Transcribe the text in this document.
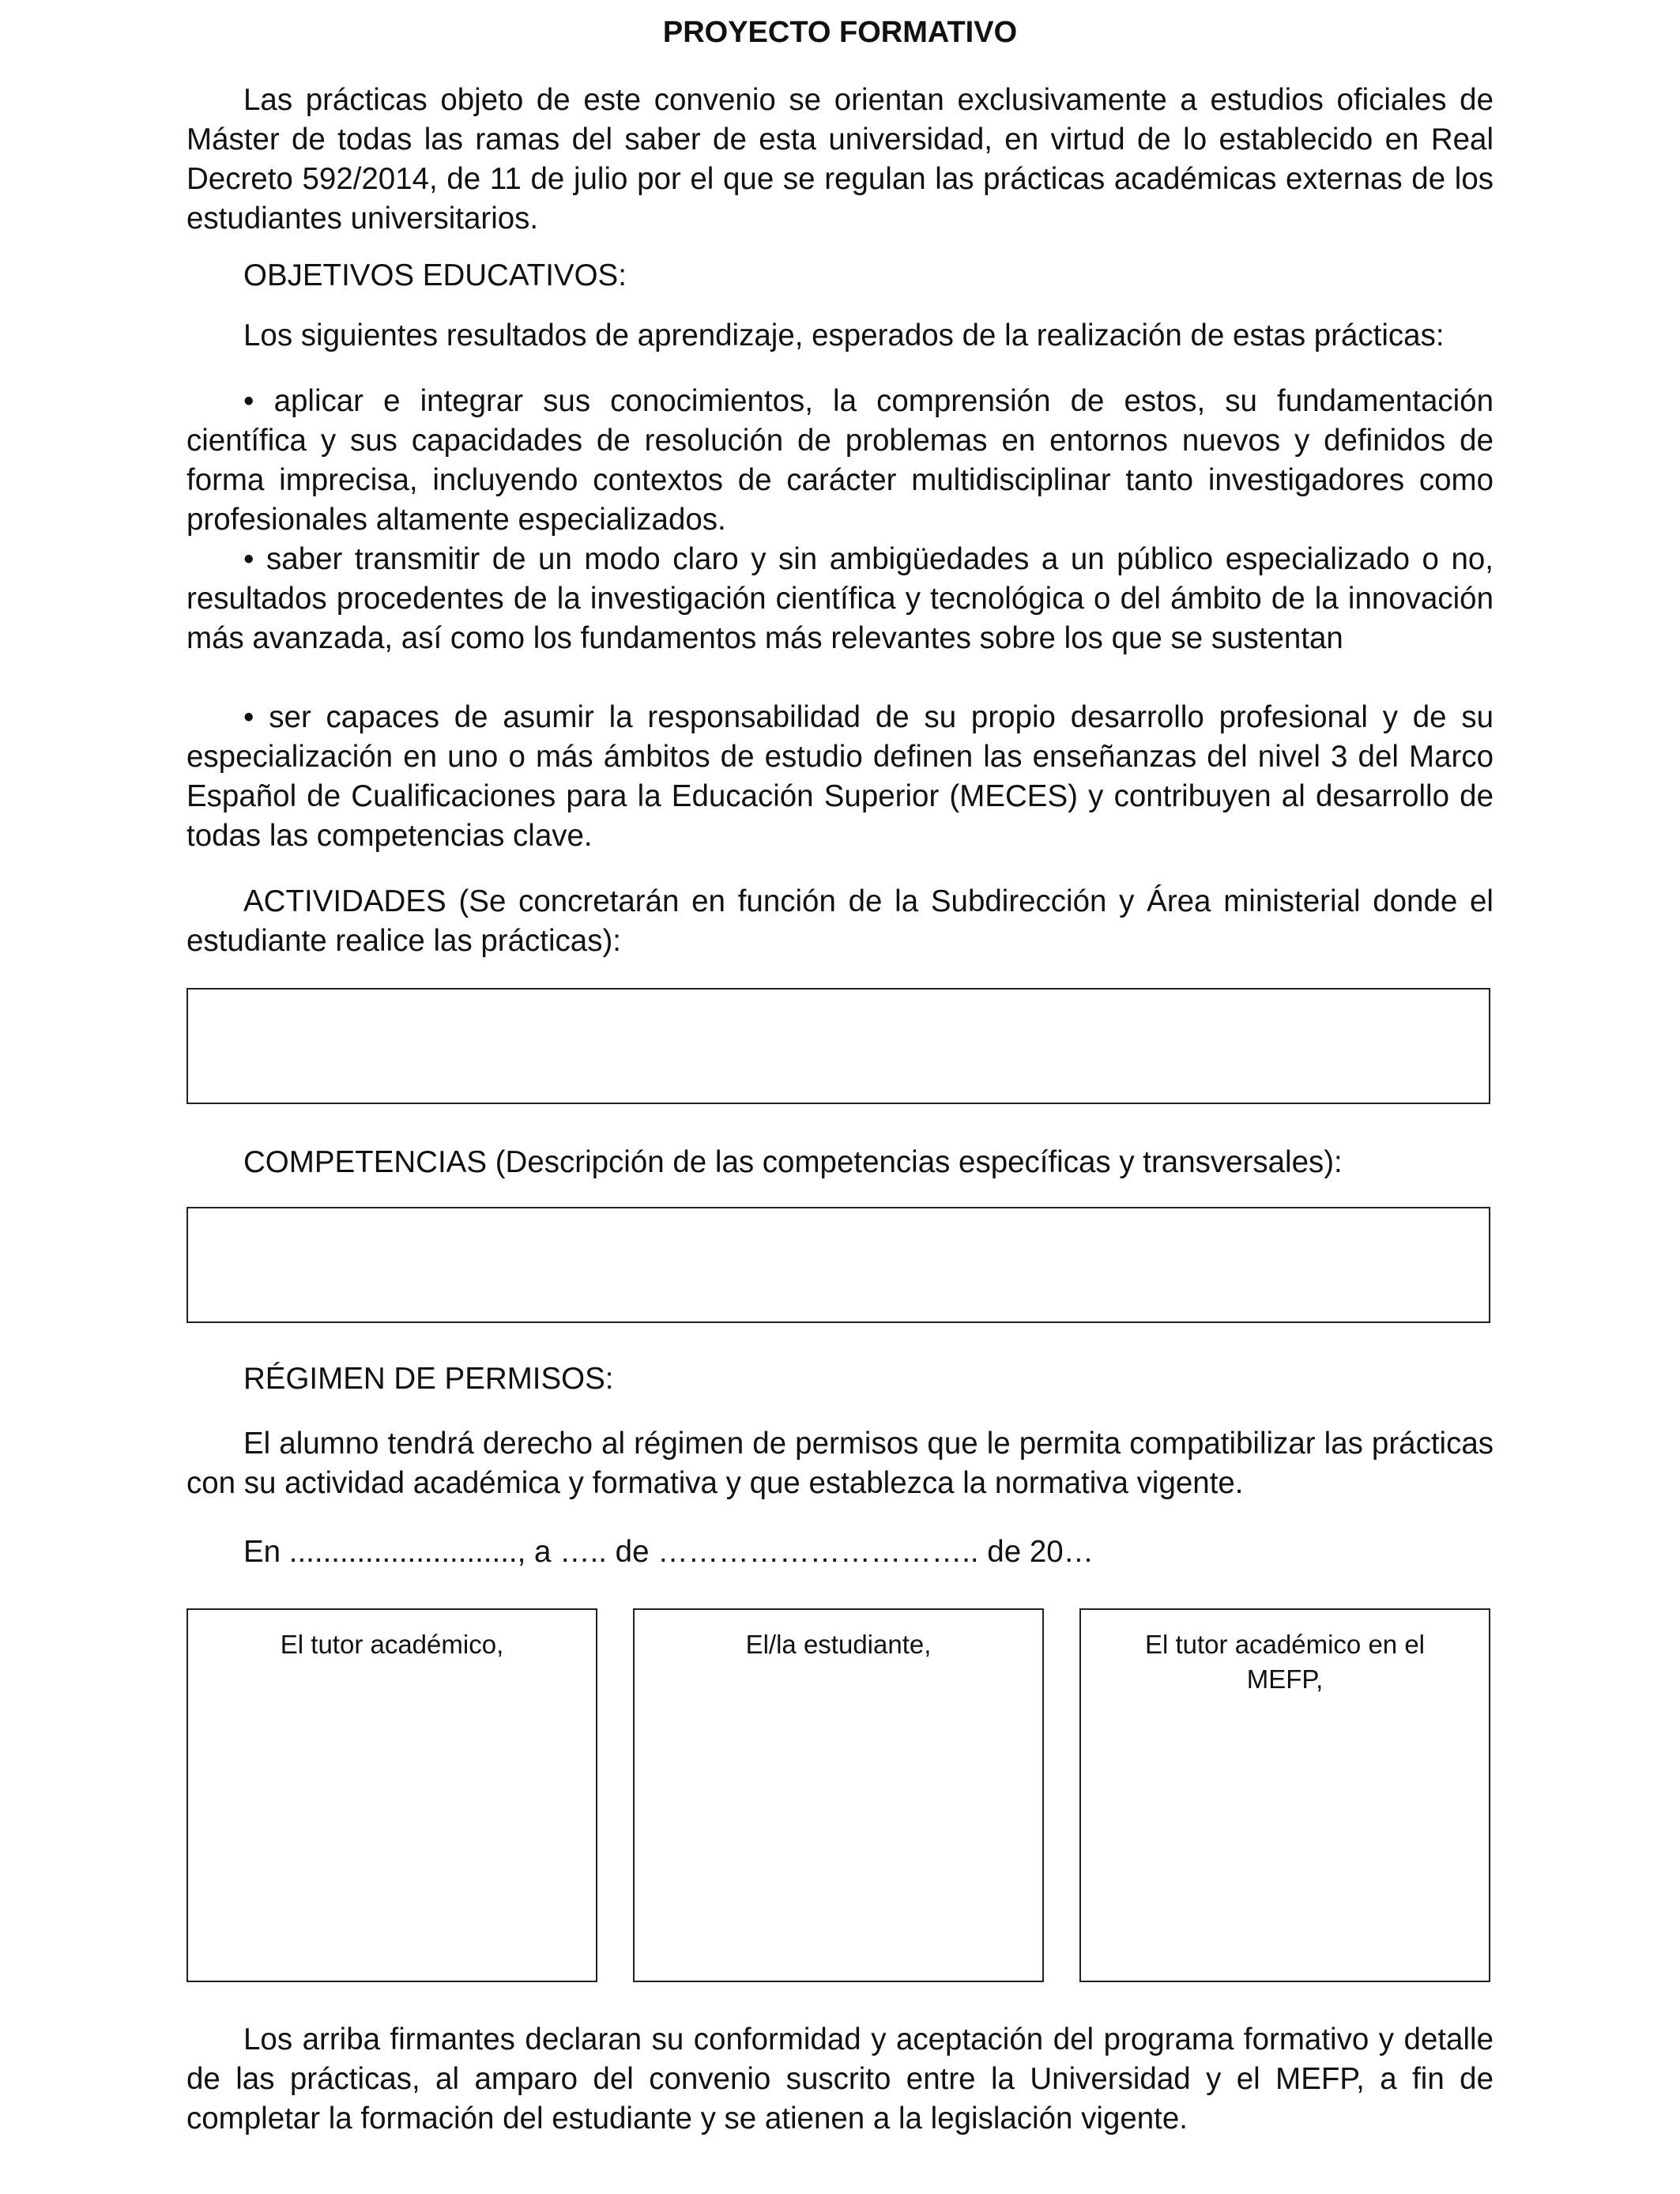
PROYECTO FORMATIVO
Las prácticas objeto de este convenio se orientan exclusivamente a estudios oficiales de Máster de todas las ramas del saber de esta universidad, en virtud de lo establecido en Real Decreto 592/2014, de 11 de julio por el que se regulan las prácticas académicas externas de los estudiantes universitarios.
OBJETIVOS EDUCATIVOS:
Los siguientes resultados de aprendizaje, esperados de la realización de estas prácticas:
• aplicar e integrar sus conocimientos, la comprensión de estos, su fundamentación científica y sus capacidades de resolución de problemas en entornos nuevos y definidos de forma imprecisa, incluyendo contextos de carácter multidisciplinar tanto investigadores como profesionales altamente especializados.
• saber transmitir de un modo claro y sin ambigüedades a un público especializado o no, resultados procedentes de la investigación científica y tecnológica o del ámbito de la innovación más avanzada, así como los fundamentos más relevantes sobre los que se sustentan
• ser capaces de asumir la responsabilidad de su propio desarrollo profesional y de su especialización en uno o más ámbitos de estudio definen las enseñanzas del nivel 3 del Marco Español de Cualificaciones para la Educación Superior (MECES) y contribuyen al desarrollo de todas las competencias clave.
ACTIVIDADES (Se concretarán en función de la Subdirección y Área ministerial donde el estudiante realice las prácticas):
COMPETENCIAS (Descripción de las competencias específicas y transversales):
RÉGIMEN DE PERMISOS:
El alumno tendrá derecho al régimen de permisos que le permita compatibilizar las prácticas con su actividad académica y formativa y que establezca la normativa vigente.
En ..........................., a ….. de ………………………….. de 20…
El tutor académico,	El/la estudiante,	El tutor académico en el MEFP,
Los arriba firmantes declaran su conformidad y aceptación del programa formativo y detalle de las prácticas, al amparo del convenio suscrito entre la Universidad y el MEFP, a fin de completar la formación del estudiante y se atienen a la legislación vigente.
